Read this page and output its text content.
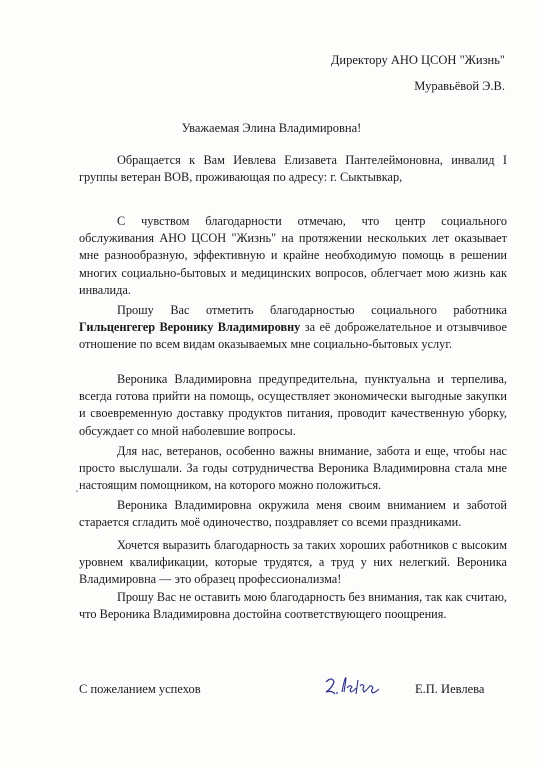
Директору АНО ЦСОН "Жизнь"
Муравьёвой Э.В.
Уважаемая Элина Владимировна!

Обращается к Вам Иевлева Елизавета Пантелеймоновна, инвалид I группы ветеран ВОВ, проживающая по адресу: г. Сыктывкар,

С чувством благодарности отмечаю, что центр социального обслуживания АНО ЦСОН "Жизнь" на протяжении нескольких лет оказывает мне разнообразную, эффективную и крайне необходимую помощь в решении многих социально-бытовых и медицинских вопросов, облегчает мою жизнь как инвалида.

Прошу Вас отметить благодарностью социального работника Гильценгегер Веронику Владимировну за её доброжелательное и отзывчивое отношение по всем видам оказываемых мне социально-бытовых услуг.

Вероника Владимировна предупредительна, пунктуальна и терпелива, всегда готова прийти на помощь, осуществляет экономически выгодные закупки и своевременную доставку продуктов питания, проводит качественную уборку, обсуждает со мной наболевшие вопросы.

Для нас, ветеранов, особенно важны внимание, забота и еще, чтобы нас просто выслушали. За годы сотрудничества Вероника Владимировна стала мне настоящим помощником, на которого можно положиться.

Вероника Владимировна окружила меня своим вниманием и заботой старается сгладить моё одиночество, поздравляет со всеми праздниками.

Хочется выразить благодарность за таких хороших работников с высоким уровнем квалификации, которые трудятся, а труд у них нелегкий. Вероника Владимировна — это образец профессионализма!

Прошу Вас не оставить мою благодарность без внимания, так как считаю, что Вероника Владимировна достойна соответствующего поощрения.

С пожеланием успехов	Е.П. Иевлева
